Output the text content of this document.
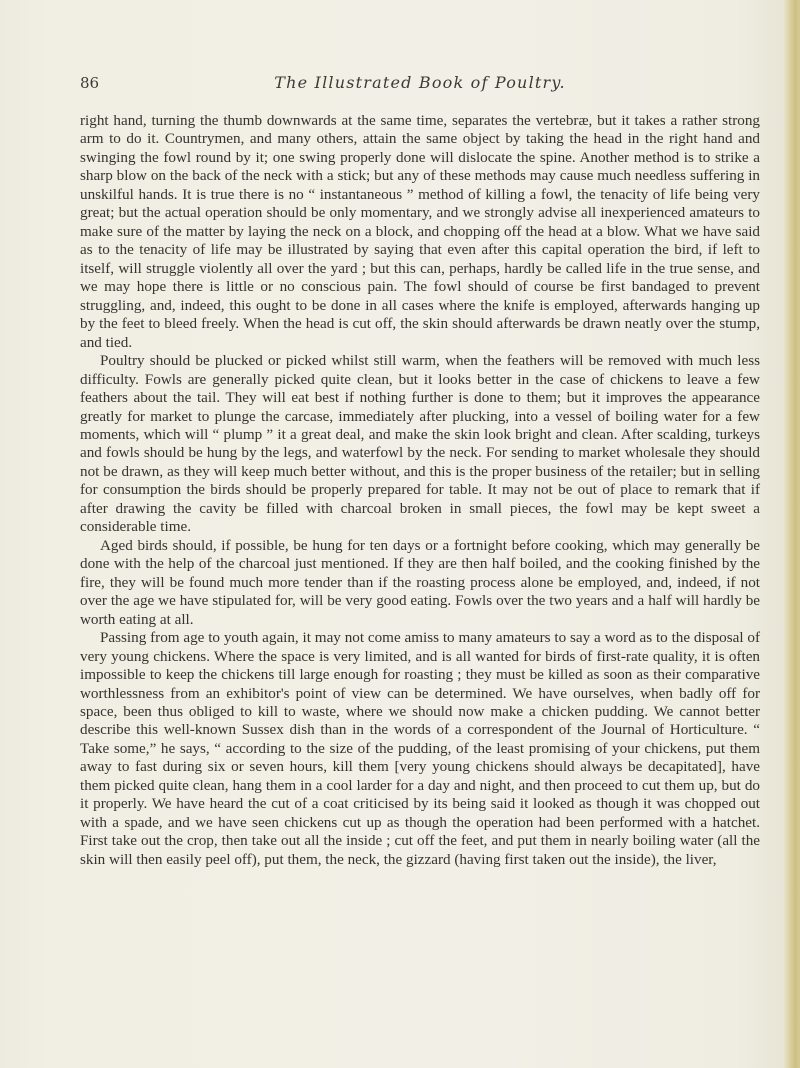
86	The Illustrated Book of Poultry.

right hand, turning the thumb downwards at the same time, separates the vertebræ, but it takes a rather strong arm to do it. Countrymen, and many others, attain the same object by taking the head in the right hand and swinging the fowl round by it; one swing properly done will dislocate the spine. Another method is to strike a sharp blow on the back of the neck with a stick; but any of these methods may cause much needless suffering in unskilful hands. It is true there is no “ instantaneous ” method of killing a fowl, the tenacity of life being very great; but the actual operation should be only momentary, and we strongly advise all inexperienced amateurs to make sure of the matter by laying the neck on a block, and chopping off the head at a blow. What we have said as to the tenacity of life may be illustrated by saying that even after this capital operation the bird, if left to itself, will struggle violently all over the yard ; but this can, perhaps, hardly be called life in the true sense, and we may hope there is little or no conscious pain. The fowl should of course be first bandaged to prevent struggling, and, indeed, this ought to be done in all cases where the knife is employed, afterwards hanging up by the feet to bleed freely. When the head is cut off, the skin should afterwards be drawn neatly over the stump, and tied.

Poultry should be plucked or picked whilst still warm, when the feathers will be removed with much less difficulty. Fowls are generally picked quite clean, but it looks better in the case of chickens to leave a few feathers about the tail. They will eat best if nothing further is done to them; but it improves the appearance greatly for market to plunge the carcase, immediately after plucking, into a vessel of boiling water for a few moments, which will “ plump ” it a great deal, and make the skin look bright and clean. After scalding, turkeys and fowls should be hung by the legs, and waterfowl by the neck. For sending to market wholesale they should not be drawn, as they will keep much better without, and this is the proper business of the retailer; but in selling for consumption the birds should be properly prepared for table. It may not be out of place to remark that if after drawing the cavity be filled with charcoal broken in small pieces, the fowl may be kept sweet a considerable time.

Aged birds should, if possible, be hung for ten days or a fortnight before cooking, which may generally be done with the help of the charcoal just mentioned. If they are then half boiled, and the cooking finished by the fire, they will be found much more tender than if the roasting process alone be employed, and, indeed, if not over the age we have stipulated for, will be very good eating. Fowls over the two years and a half will hardly be worth eating at all.

Passing from age to youth again, it may not come amiss to many amateurs to say a word as to the disposal of very young chickens. Where the space is very limited, and is all wanted for birds of first-rate quality, it is often impossible to keep the chickens till large enough for roasting ; they must be killed as soon as their comparative worthlessness from an exhibitor's point of view can be determined. We have ourselves, when badly off for space, been thus obliged to kill to waste, where we should now make a chicken pudding. We cannot better describe this well-known Sussex dish than in the words of a correspondent of the Journal of Horticulture. “ Take some,” he says, “ according to the size of the pudding, of the least promising of your chickens, put them away to fast during six or seven hours, kill them [very young chickens should always be decapitated], have them picked quite clean, hang them in a cool larder for a day and night, and then proceed to cut them up, but do it properly. We have heard the cut of a coat criticised by its being said it looked as though it was chopped out with a spade, and we have seen chickens cut up as though the operation had been performed with a hatchet. First take out the crop, then take out all the inside ; cut off the feet, and put them in nearly boiling water (all the skin will then easily peel off), put them, the neck, the gizzard (having first taken out the inside), the liver,
